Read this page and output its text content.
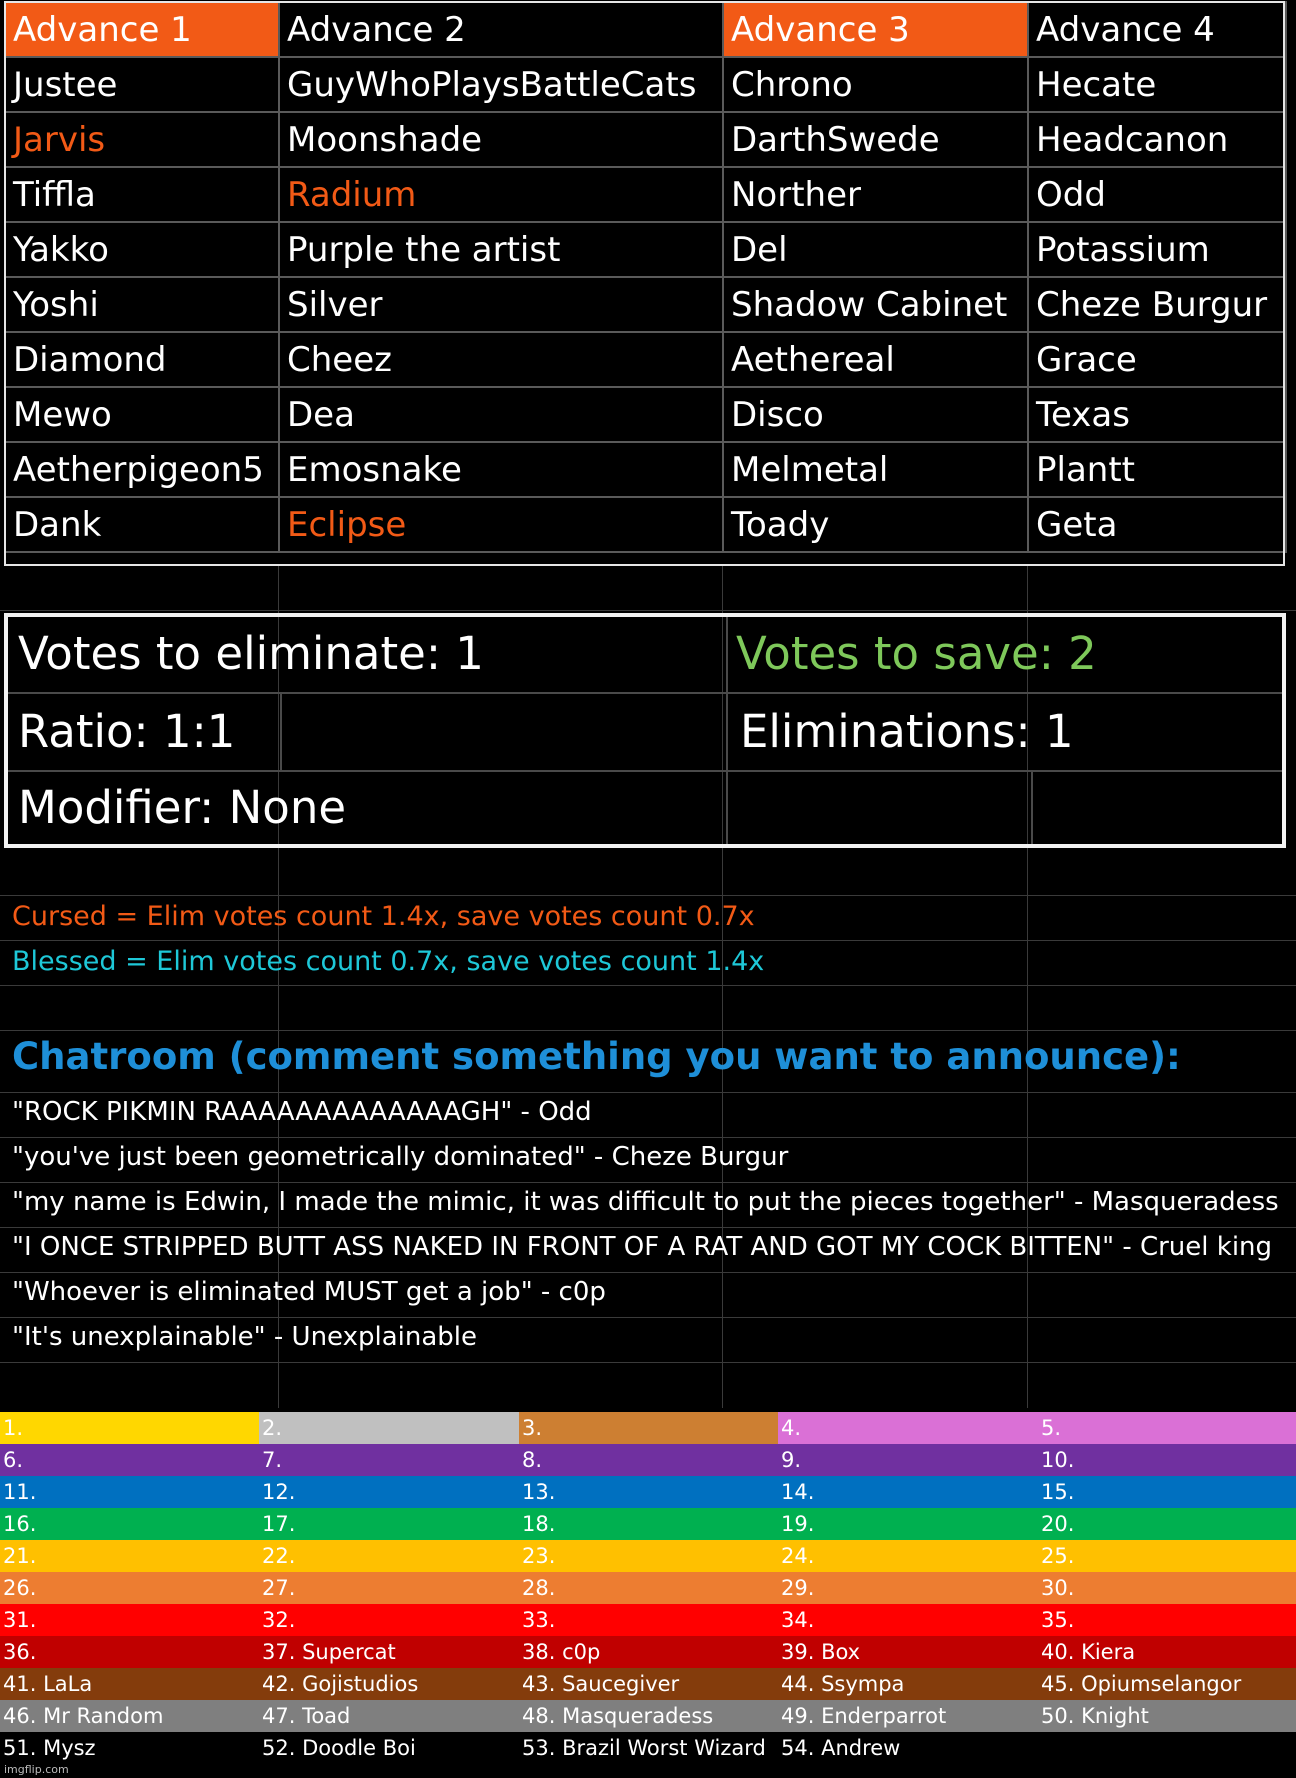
Advance 1	Advance 2	Advance 3	Advance 4
Justee	GuyWhoPlaysBattleCats	Chrono	Hecate
Jarvis	Moonshade	DarthSwede	Headcanon
Tiffla	Radium	Norther	Odd
Yakko	Purple the artist	Del	Potassium
Yoshi	Silver	Shadow Cabinet	Cheze Burgur
Diamond	Cheez	Aethereal	Grace
Mewo	Dea	Disco	Texas
Aetherpigeon5	Emosnake	Melmetal	Plantt
Dank	Eclipse	Toady	Geta
Votes to eliminate: 1	Votes to save: 2
Ratio: 1:1	Eliminations: 1
Modifier: None
Cursed = Elim votes count 1.4x, save votes count 0.7x
Blessed = Elim votes count 0.7x, save votes count 1.4x
Chatroom (comment something you want to announce):
"ROCK PIKMIN RAAAAAAAAAAAAAGH" - Odd
"you've just been geometrically dominated" - Cheze Burgur
"my name is Edwin, I made the mimic, it was difficult to put the pieces together" - Masqueradess
"I ONCE STRIPPED BUTT ASS NAKED IN FRONT OF A RAT AND GOT MY COCK BITTEN" - Cruel king
"Whoever is eliminated MUST get a job" - c0p
"It's unexplainable" - Unexplainable
1.	2.	3.	4.	5.
6.	7.	8.	9.	10.
11.	12.	13.	14.	15.
16.	17.	18.	19.	20.
21.	22.	23.	24.	25.
26.	27.	28.	29.	30.
31.	32.	33.	34.	35.
36.	37. Supercat	38. c0p	39. Box	40. Kiera
41. LaLa	42. Gojistudios	43. Saucegiver	44. Ssympa	45. Opiumselangor
46. Mr Random	47. Toad	48. Masqueradess	49. Enderparrot	50. Knight
51. Mysz	52. Doodle Boi	53. Brazil Worst Wizard 54. Andrew
imgflip.com
